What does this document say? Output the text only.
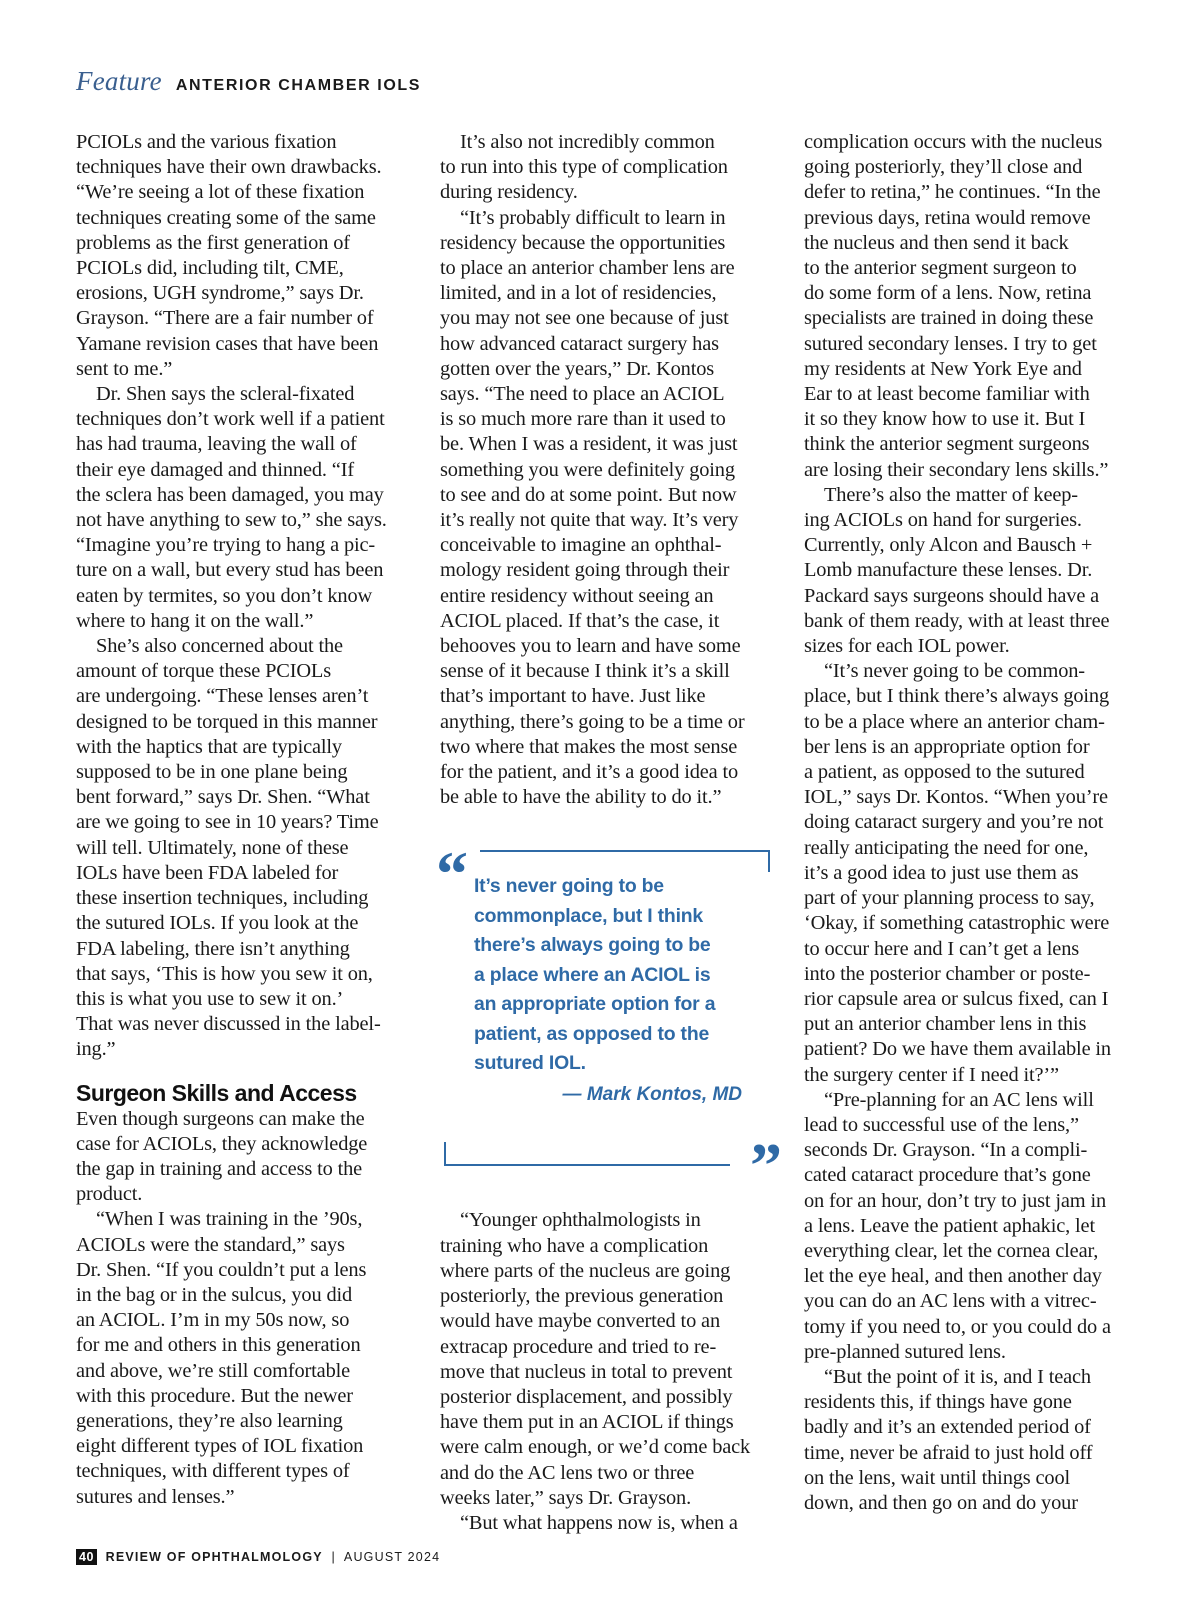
Feature ANTERIOR CHAMBER IOLS

PCIOLs and the various fixation
techniques have their own drawbacks.
“We’re seeing a lot of these fixation
techniques creating some of the same
problems as the first generation of
PCIOLs did, including tilt, CME,
erosions, UGH syndrome,” says Dr.
Grayson. “There are a fair number of
Yamane revision cases that have been
sent to me.”

Dr. Shen says the scleral-fixated
techniques don’t work well if a patient
has had trauma, leaving the wall of
their eye damaged and thinned. “If
the sclera has been damaged, you may
not have anything to sew to,” she says.
“Imagine you’re trying to hang a pic-
ture on a wall, but every stud has been
eaten by termites, so you don’t know
where to hang it on the wall.”

She’s also concerned about the
amount of torque these PCIOLs
are undergoing. “These lenses aren’t
designed to be torqued in this manner
with the haptics that are typically
supposed to be in one plane being
bent forward,” says Dr. Shen. “What
are we going to see in 10 years? Time
will tell. Ultimately, none of these
IOLs have been FDA labeled for
these insertion techniques, including
the sutured IOLs. If you look at the
FDA labeling, there isn’t anything
that says, ‘This is how you sew it on,
this is what you use to sew it on.’
That was never discussed in the label-
ing.”

Surgeon Skills and Access

Even though surgeons can make the
case for ACIOLs, they acknowledge
the gap in training and access to the
product.

“When I was training in the ’90s,
ACIOLs were the standard,” says
Dr. Shen. “If you couldn’t put a lens
in the bag or in the sulcus, you did
an ACIOL. I’m in my 50s now, so
for me and others in this generation
and above, we’re still comfortable
with this procedure. But the newer
generations, they’re also learning
eight different types of IOL fixation
techniques, with different types of
sutures and lenses.”

It’s also not incredibly common
to run into this type of complication
during residency.

“It’s probably difficult to learn in
residency because the opportunities
to place an anterior chamber lens are
limited, and in a lot of residencies,
you may not see one because of just
how advanced cataract surgery has
gotten over the years,” Dr. Kontos
says. “The need to place an ACIOL
is so much more rare than it used to
be. When I was a resident, it was just
something you were definitely going
to see and do at some point. But now
it’s really not quite that way. It’s very
conceivable to imagine an ophthal-
mology resident going through their
entire residency without seeing an
ACIOL placed. If that’s the case, it
behooves you to learn and have some
sense of it because I think it’s a skill
that’s important to have. Just like
anything, there’s going to be a time or
two where that makes the most sense
for the patient, and it’s a good idea to
be able to have the ability to do it.”

“ It’s never going to be
commonplace, but I think
there’s always going to be
a place where an ACIOL is
an appropriate option for a
patient, as opposed to the
sutured IOL.
— Mark Kontos, MD
”

“Younger ophthalmologists in
training who have a complication
where parts of the nucleus are going
posteriorly, the previous generation
would have maybe converted to an
extracap procedure and tried to re-
move that nucleus in total to prevent
posterior displacement, and possibly
have them put in an ACIOL if things
were calm enough, or we’d come back
and do the AC lens two or three
weeks later,” says Dr. Grayson.

“But what happens now is, when a

complication occurs with the nucleus
going posteriorly, they’ll close and
defer to retina,” he continues. “In the
previous days, retina would remove
the nucleus and then send it back
to the anterior segment surgeon to
do some form of a lens. Now, retina
specialists are trained in doing these
sutured secondary lenses. I try to get
my residents at New York Eye and
Ear to at least become familiar with
it so they know how to use it. But I
think the anterior segment surgeons
are losing their secondary lens skills.”

There’s also the matter of keep-
ing ACIOLs on hand for surgeries.
Currently, only Alcon and Bausch +
Lomb manufacture these lenses. Dr.
Packard says surgeons should have a
bank of them ready, with at least three
sizes for each IOL power.

“It’s never going to be common-
place, but I think there’s always going
to be a place where an anterior cham-
ber lens is an appropriate option for
a patient, as opposed to the sutured
IOL,” says Dr. Kontos. “When you’re
doing cataract surgery and you’re not
really anticipating the need for one,
it’s a good idea to just use them as
part of your planning process to say,
‘Okay, if something catastrophic were
to occur here and I can’t get a lens
into the posterior chamber or poste-
rior capsule area or sulcus fixed, can I
put an anterior chamber lens in this
patient? Do we have them available in
the surgery center if I need it?’”

“Pre-planning for an AC lens will
lead to successful use of the lens,”
seconds Dr. Grayson. “In a compli-
cated cataract procedure that’s gone
on for an hour, don’t try to just jam in
a lens. Leave the patient aphakic, let
everything clear, let the cornea clear,
let the eye heal, and then another day
you can do an AC lens with a vitrec-
tomy if you need to, or you could do a
pre-planned sutured lens.

“But the point of it is, and I teach
residents this, if things have gone
badly and it’s an extended period of
time, never be afraid to just hold off
on the lens, wait until things cool
down, and then go on and do your

40 REVIEW OF OPHTHALMOLOGY | AUGUST 2024
